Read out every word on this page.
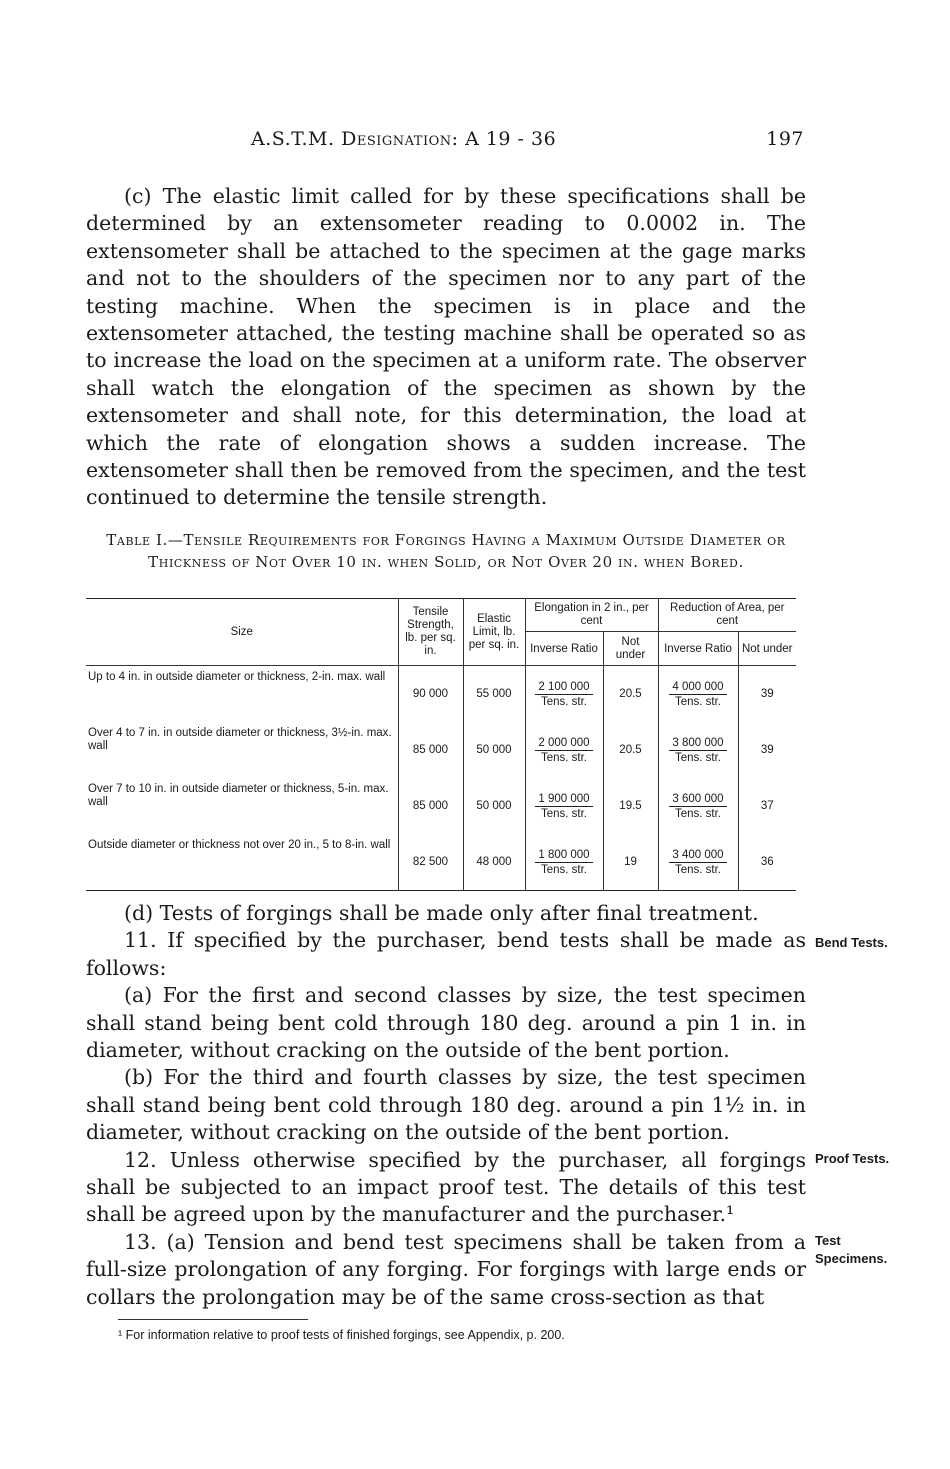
A.S.T.M. Designation: A 19 - 36	197

(c) The elastic limit called for by these specifications shall be determined by an extensometer reading to 0.0002 in. The extensometer shall be attached to the specimen at the gage marks and not to the shoulders of the specimen nor to any part of the testing machine. When the specimen is in place and the extensometer attached, the testing machine shall be operated so as to increase the load on the specimen at a uniform rate. The observer shall watch the elongation of the specimen as shown by the extensometer and shall note, for this determination, the load at which the rate of elongation shows a sudden increase. The extensometer shall then be removed from the specimen, and the test continued to determine the tensile strength.

Table I.—Tensile Requirements for Forgings Having a Maximum Outside Diameter or Thickness of Not Over 10 in. when Solid, or Not Over 20 in. when Bored.
Size	Tensile Strength, lb. per sq. in.	Elastic Limit, lb. per sq. in.	Elongation in 2 in., per cent		Reduction of Area, per cent	
			Inverse Ratio	Not under	Inverse Ratio	Not under
Up to 4 in. in outside diameter or thickness, 2-in. max. wall	90 000	55 000	$\frac{2 100 000}{\text{Tens. str.}}$	20.5	$\frac{4 000 000}{\text{Tens. str.}}$	39
Over 4 to 7 in. in outside diameter or thickness, 3½-in. max. wall	85 000	50 000	$\frac{2 000 000}{\text{Tens. str.}}$	20.5	$\frac{3 800 000}{\text{Tens. str.}}$	39
Over 7 to 10 in. in outside diameter or thickness, 5-in. max. wall	85 000	50 000	$\frac{1 900 000}{\text{Tens. str.}}$	19.5	$\frac{3 600 000}{\text{Tens. str.}}$	37
Outside diameter or thickness not over 20 in., 5 to 8-in. wall	82 500	48 000	$\frac{1 800 000}{\text{Tens. str.}}$	19	$\frac{3 400 000}{\text{Tens. str.}}$	36

(d) Tests of forgings shall be made only after final treatment.

11. If specified by the purchaser, bend tests shall be made as follows:

(a) For the first and second classes by size, the test specimen shall stand being bent cold through 180 deg. around a pin 1 in. in diameter, without cracking on the outside of the bent portion.

(b) For the third and fourth classes by size, the test specimen shall stand being bent cold through 180 deg. around a pin 1½ in. in diameter, without cracking on the outside of the bent portion.

12. Unless otherwise specified by the purchaser, all forgings shall be subjected to an impact proof test. The details of this test shall be agreed upon by the manufacturer and the purchaser.¹

13. (a) Tension and bend test specimens shall be taken from a full-size prolongation of any forging. For forgings with large ends or collars the prolongation may be of the same cross-section as that

Bend Tests.
Proof Tests.
Test Specimens.
¹ For information relative to proof tests of finished forgings, see Appendix, p. 200.
